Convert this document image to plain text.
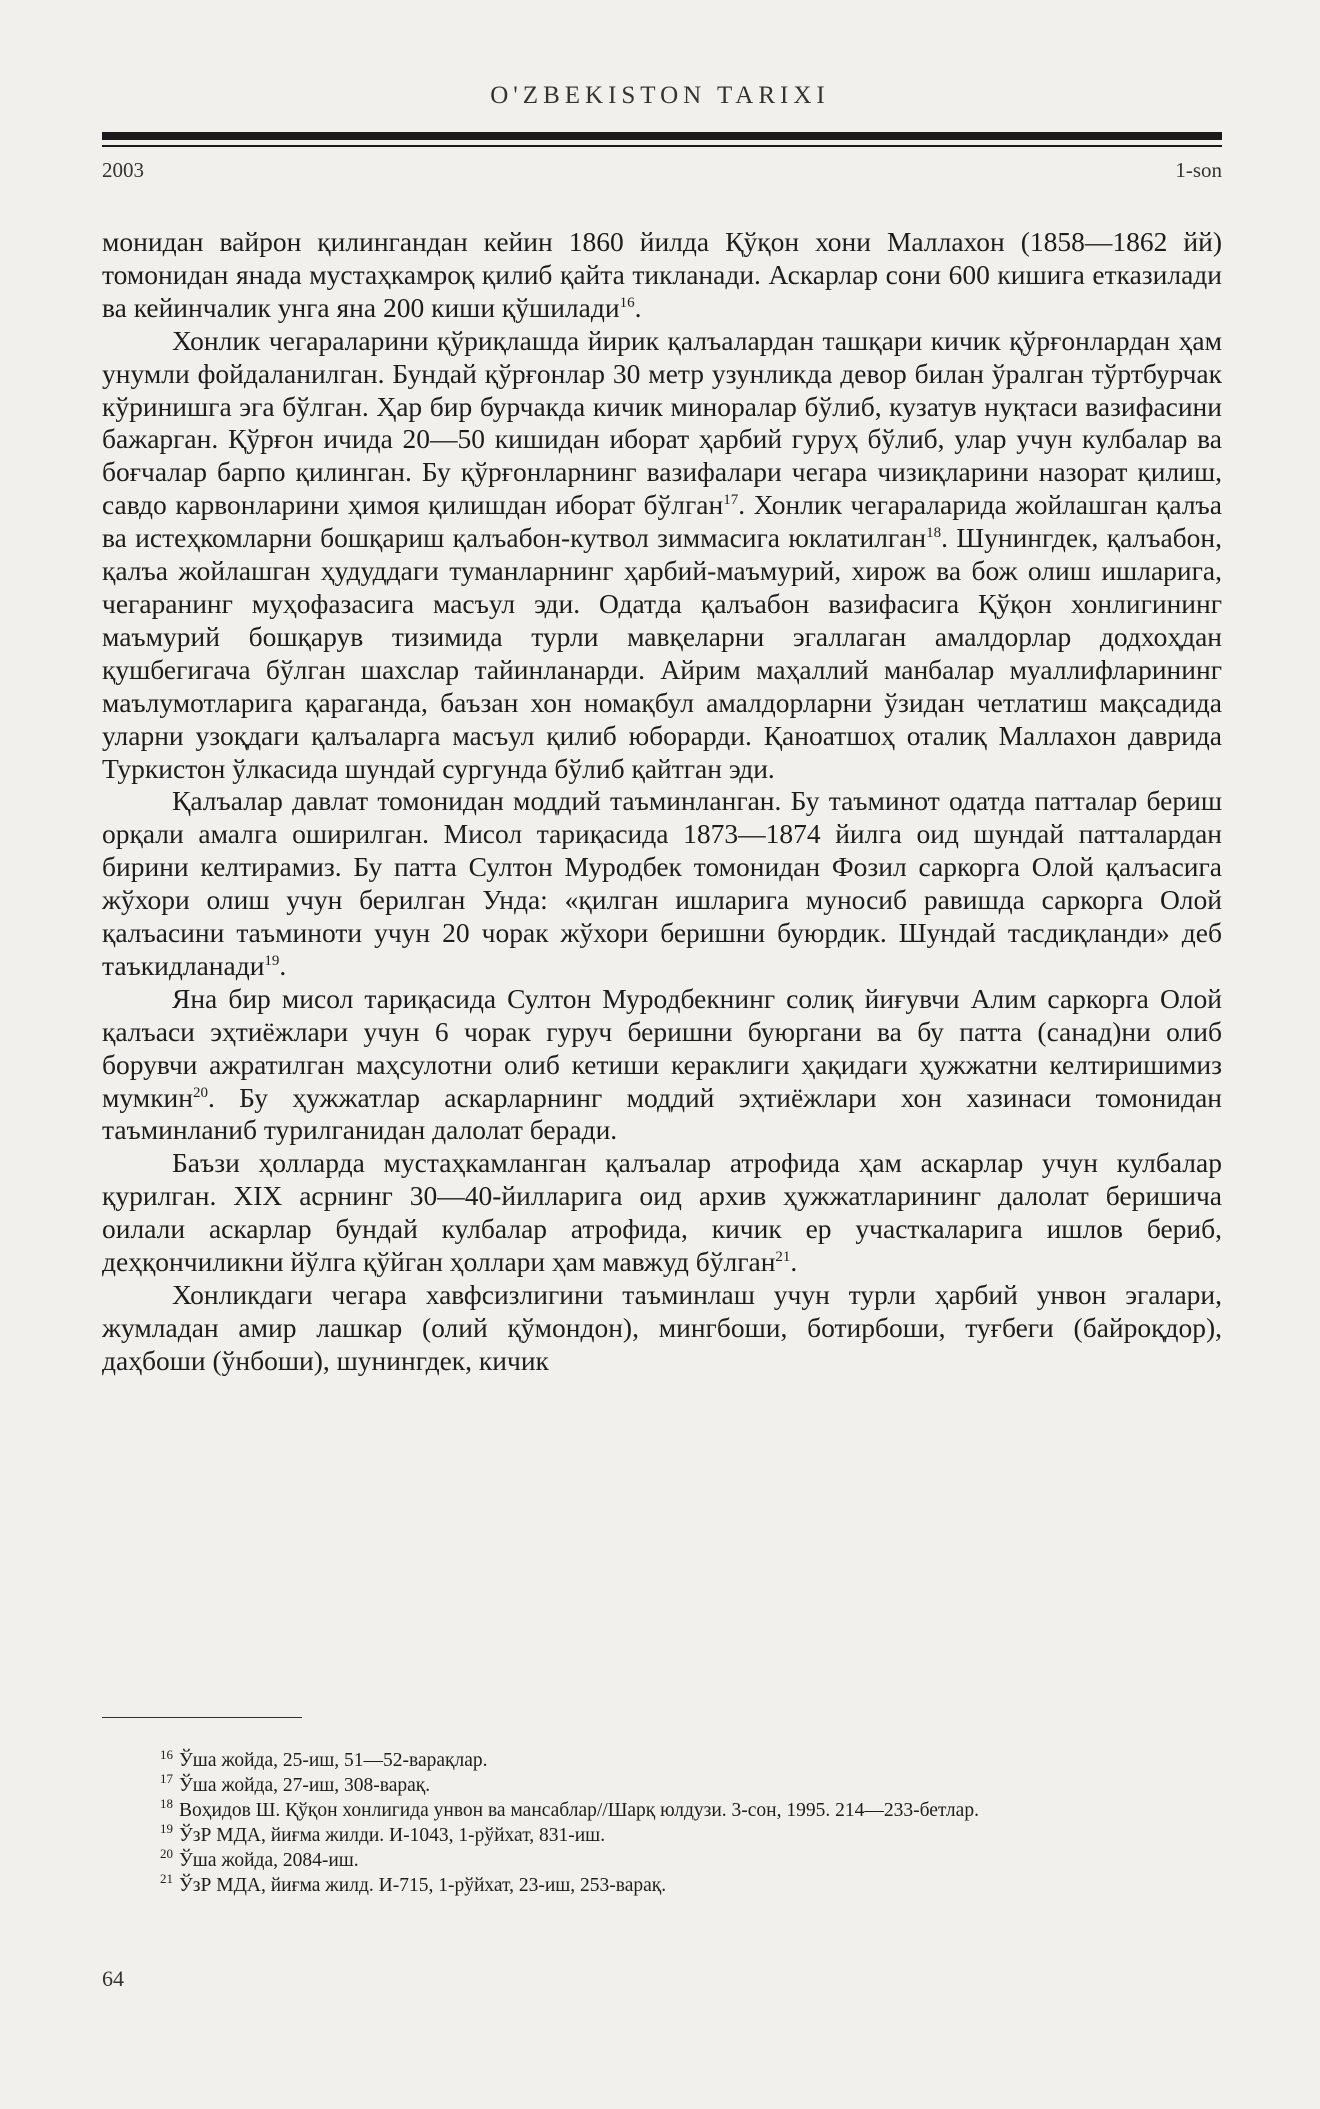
O'ZBEKISTON TARIXI
2003	1-son

монидан вайрон қилингандан кейин 1860 йилда Қўқон хони Маллахон (1858—1862 йй) томонидан янада мустаҳкамроқ қилиб қайта тикланади. Аскарлар сони 600 кишига етказилади ва кейинчалик унга яна 200 киши қўшилади$^{16}$.

Хонлик чегараларини қўриқлашда йирик қалъалардан ташқари кичик қўрғонлардан ҳам унумли фойдаланилган. Бундай қўрғонлар 30 метр узунликда девор билан ўралган тўртбурчак кўринишга эга бўлган. Ҳар бир бурчакда кичик миноралар бўлиб, кузатув нуқтаси вазифасини бажарган. Қўрғон ичида 20—50 кишидан иборат ҳарбий гуруҳ бўлиб, улар учун кулбалар ва боғчалар барпо қилинган. Бу қўрғонларнинг вазифалари чегара чизиқларини назорат қилиш, савдо карвонларини ҳимоя қилишдан иборат бўлган$^{17}$. Хонлик чегараларида жойлашган қалъа ва истеҳкомларни бошқариш қалъабон-кутвол зиммасига юклатилган$^{18}$. Шунингдек, қалъабон, қалъа жойлашган ҳудуддаги туманларнинг ҳарбий-маъмурий, хирож ва бож олиш ишларига, чегаранинг муҳофазасига масъул эди. Одатда қалъабон вазифасига Қўқон хонлигининг маъмурий бошқарув тизимида турли мавқеларни эгаллаган амалдорлар додхоҳдан қушбегигача бўлган шахслар тайинланарди. Айрим маҳаллий манбалар муаллифларининг маълумотларига қараганда, баъзан хон номақбул амалдорларни ўзидан четлатиш мақсадида уларни узоқдаги қалъаларга масъул қилиб юборарди. Қаноатшоҳ оталиқ Маллахон даврида Туркистон ўлкасида шундай сургунда бўлиб қайтган эди.

Қалъалар давлат томонидан моддий таъминланган. Бу таъминот одатда патталар бериш орқали амалга оширилган. Мисол тариқасида 1873—1874 йилга оид шундай патталардан бирини келтирамиз. Бу патта Султон Муродбек томонидан Фозил саркорга Олой қалъасига жўхори олиш учун берилган Унда: «қилган ишларига муносиб равишда саркорга Олой қалъасини таъминоти учун 20 чорак жўхори беришни буюрдик. Шундай тасдиқланди» деб таъкидланади$^{19}$.

Яна бир мисол тариқасида Султон Муродбекнинг солиқ йиғувчи Алим саркорга Олой қалъаси эҳтиёжлари учун 6 чорак гуруч беришни буюргани ва бу патта (санад)ни олиб борувчи ажратилган маҳсулотни олиб кетиши кераклиги ҳақидаги ҳужжатни келтиришимиз мумкин$^{20}$. Бу ҳужжатлар аскарларнинг моддий эҳтиёжлари хон хазинаси томонидан таъминланиб турилганидан далолат беради.

Баъзи ҳолларда мустаҳкамланган қалъалар атрофида ҳам аскарлар учун кулбалар қурилган. XIX асрнинг 30—40-йилларига оид архив ҳужжатларининг далолат беришича оилали аскарлар бундай кулбалар атрофида, кичик ер участкаларига ишлов бериб, деҳқончиликни йўлга қўйган ҳоллари ҳам мавжуд бўлган$^{21}$.

Хонликдаги чегара хавфсизлигини таъминлаш учун турли ҳарбий унвон эгалари, жумладан амир лашкар (олий қўмондон), мингбоши, ботирбоши, туғбеги (байроқдор), даҳбоши (ўнбоши), шунингдек, кичик

$^{16}$ Ўша жойда, 25-иш, 51—52-варақлар.

$^{17}$ Ўша жойда, 27-иш, 308-варақ.

$^{18}$ Воҳидов Ш. Қўқон хонлигида унвон ва мансаблар//Шарқ юлдузи. 3-сон, 1995. 214—233-бетлар.

$^{19}$ ЎзР МДА, йиғма жилди. И-1043, 1-рўйхат, 831-иш.

$^{20}$ Ўша жойда, 2084-иш.

$^{21}$ ЎзР МДА, йиғма жилд. И-715, 1-рўйхат, 23-иш, 253-варақ.

64
